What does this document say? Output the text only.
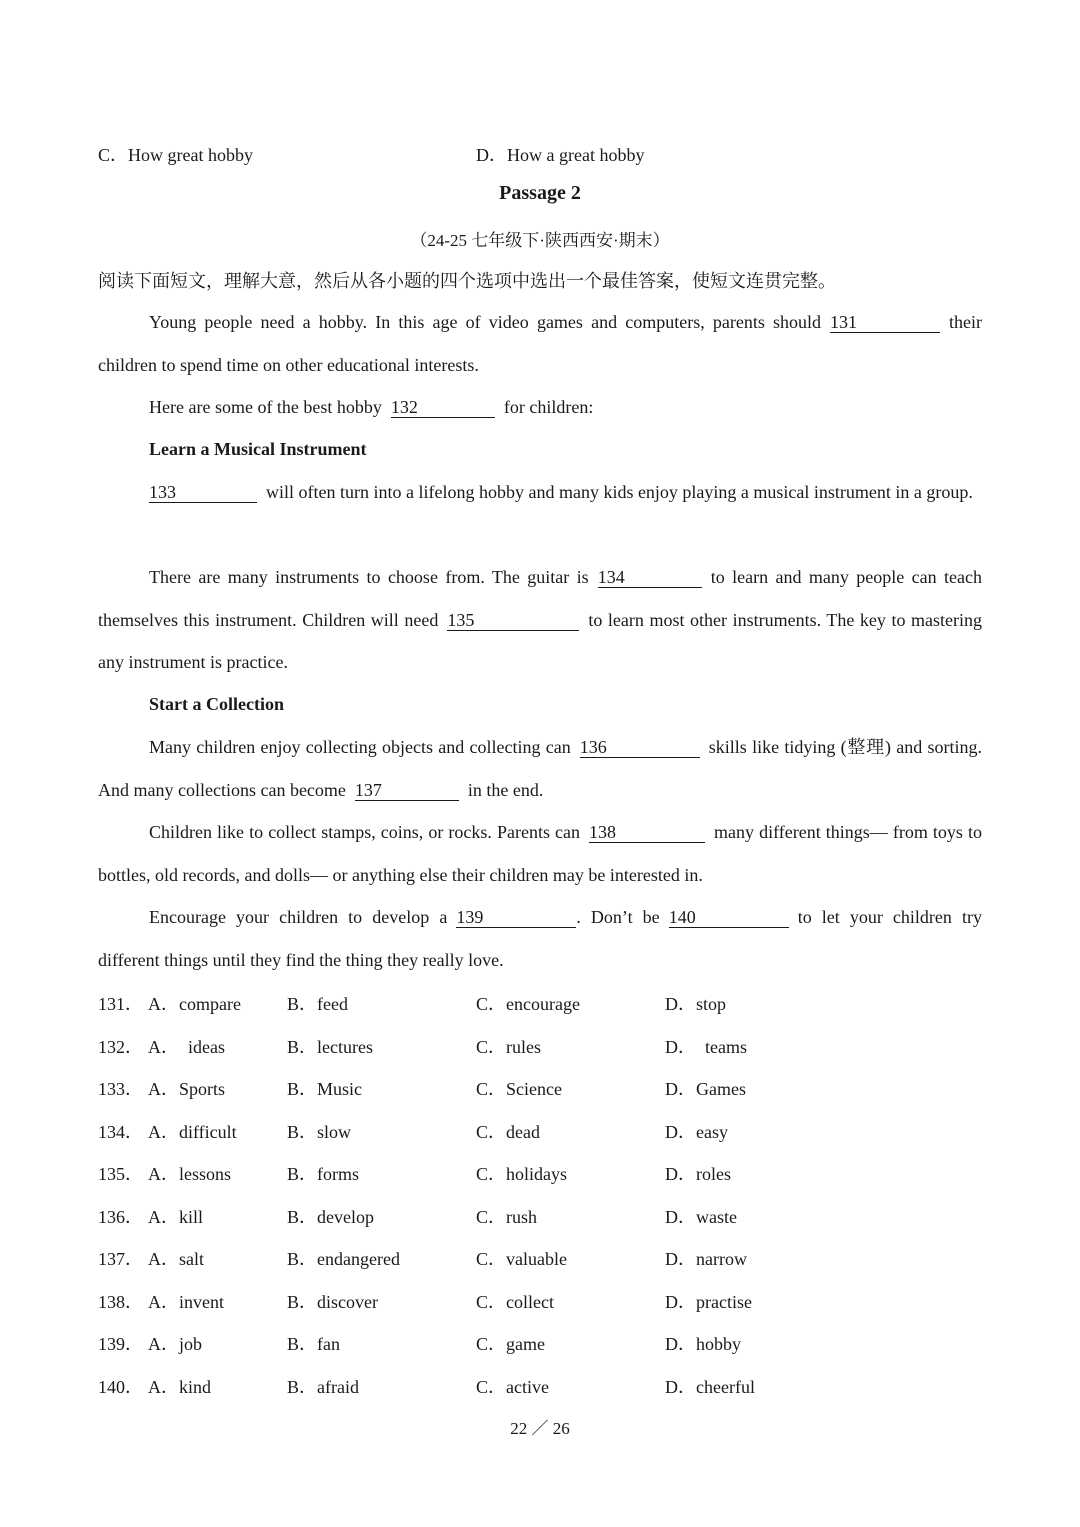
C．How great hobby	D．How a great hobby

Passage 2

（24-25 七年级下·陕西西安·期末）

阅读下面短文，理解大意，然后从各小题的四个选项中选出一个最佳答案，使短文连贯完整。

Young people need a hobby. In this age of video games and computers, parents should 131	their children to spend time on other educational interests.

Here are some of the best hobby 132	for children:

Learn a Musical Instrument

133	will often turn into a lifelong hobby and many kids enjoy playing a musical instrument in a group.

There are many instruments to choose from. The guitar is 134	to learn and many people can teach themselves this instrument. Children will need 135	to learn most other instruments. The key to mastering any instrument is practice.

Start a Collection

Many children enjoy collecting objects and collecting can 136	skills like tidying (整理) and sorting. And many collections can become 137	in the end.

Children like to collect stamps, coins, or rocks. Parents can 138	many different things— from toys to bottles, old records, and dolls— or anything else their children may be interested in.

Encourage your children to develop a 139	. Don’t be 140	to let your children try different things until they find the thing they really love.

131． A．compare	B．feed	C．encourage	D．stop
132． A．  ideas	B．lectures	C．rules	D．  teams
133． A．Sports	B．Music	C．Science	D．Games
134． A．difficult	B．slow	C．dead	D．easy
135． A．lessons	B．forms	C．holidays	D．roles
136． A．kill	B．develop	C．rush	D．waste
137． A．salt	B．endangered	C．valuable	D．narrow
138． A．invent	B．discover	C．collect	D．practise
139． A．job	B．fan	C．game	D．hobby
140． A．kind	B．afraid	C．active	D．cheerful

22 ／ 26
